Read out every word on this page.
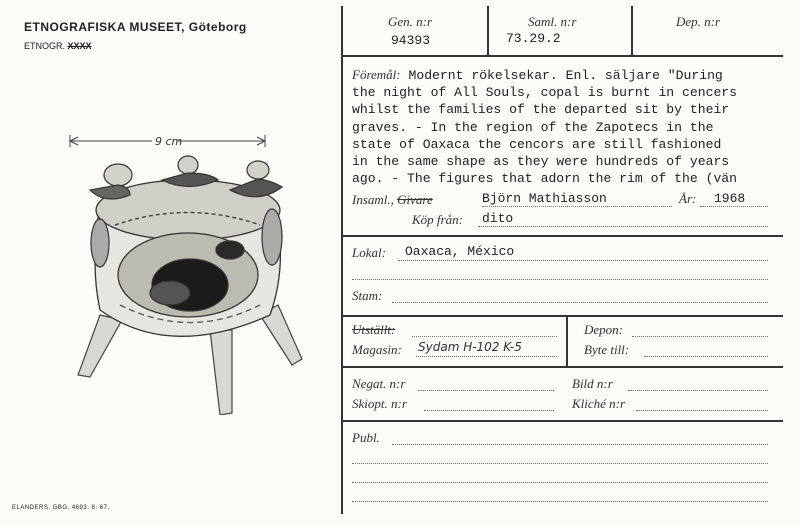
ETNOGRAFISKA MUSEET, Göteborg
ETNOGR. XXXX
9 cm
ELANDERS. GBG. 4693. 8. 67.
Gen. n:r
94393
Saml. n:r
73.29.2
Dep. n:r
Föremål: Modernt rökelsekar. Enl. säljare "During
the night of All Souls, copal is burnt in cencers
whilst the families of the departed sit by their
graves. - In the region of the Zapotecs in the
state of Oaxaca the cencors are still fashioned
in the same shape as they were hundreds of years
ago. - The figures that adorn the rim of the (vän
Insaml., Givare	Björn Mathiasson	År: 1968
Köp från: dito
Lokal: Oaxaca, México
Stam:
Utställt:
Magasin: Sydam H-102 K-5
Depon:
Byte till:
Negat. n:r	Bild n:r
Skiopt. n:r	Kliché n:r
Publ.
